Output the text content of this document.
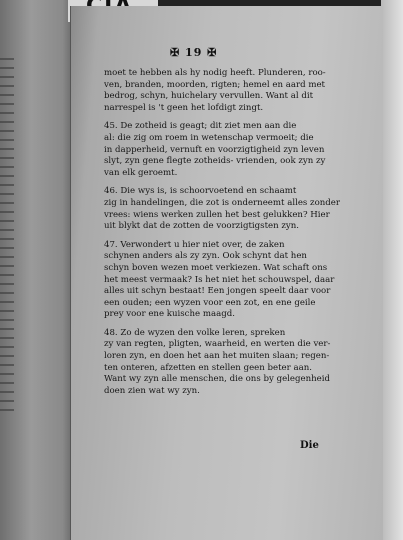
✠ 19 ✠
moet te hebben als hy nodig heeft. Plunderen, roo-
ven, branden, moorden, rigten; hemel en aard met
bedrog, schyn, huichelary vervullen. Want al dit
narrespel is 't geen het lofdigt zingt.
45. De zotheid is geagt; dit ziet men aan die
al: die zig om roem in wetenschap vermoeit; die
in dapperheid, vernuft en voorzigtigheid zyn leven
slyt, zyn gene flegte zotheids- vrienden, ook zyn zy
van elk geroemt.
46. Die wys is, is schoorvoetend en schaamt
zig in handelingen, die zot is onderneemt alles zonder
vrees: wiens werken zullen het best gelukken? Hier
uit blykt dat de zotten de voorzigtigsten zyn.
47. Verwondert u hier niet over, de zaken
schynen anders als zy zyn. Ook schynt dat hen
schyn boven wezen moet verkiezen. Wat schaft ons
het meest vermaak? Is het niet het schouwspel, daar
alles uit schyn bestaat! Een jongen speelt daar voor
een ouden; een wyzen voor een zot, en ene geile
prey voor ene kuische maagd.
48. Zo de wyzen den volke leren, spreken
zy van regten, pligten, waarheid, en werten die ver-
loren zyn, en doen het aan het muiten slaan; regen-
ten onteren, afzetten en stellen geen beter aan.
Want wy zyn alle menschen, die ons by gelegenheid
doen zien wat wy zyn.
Die
